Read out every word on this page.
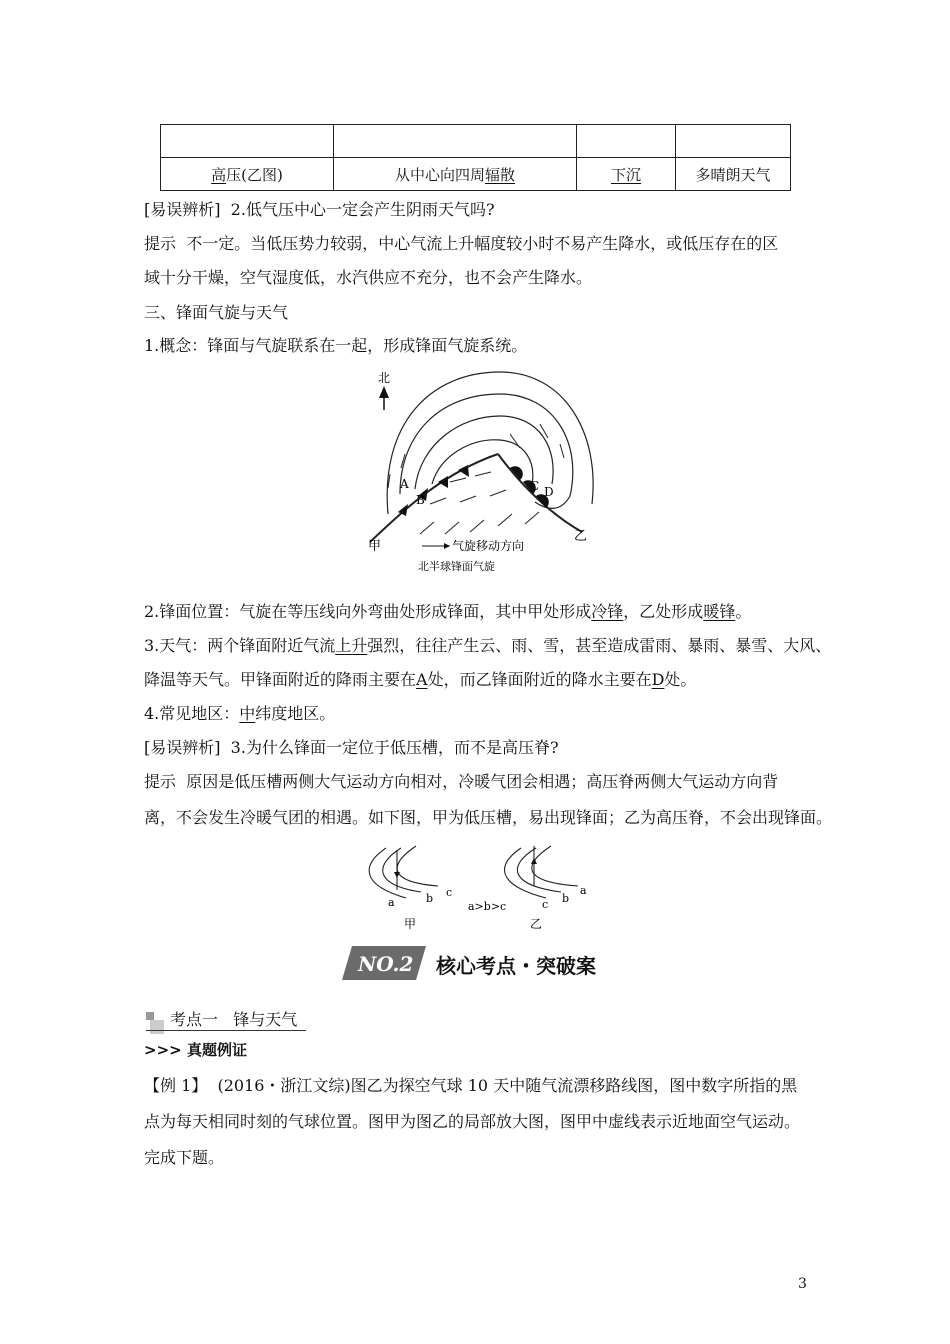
高压(乙图)	从中心向四周辐散	下沉	多晴朗天气
[易误辨析] 2.低气压中心一定会产生阴雨天气吗?
提示 不一定。当低压势力较弱，中心气流上升幅度较小时不易产生降水，或低压存在的区
域十分干燥，空气湿度低，水汽供应不充分，也不会产生降水。
三、锋面气旋与天气
1.概念：锋面与气旋联系在一起，形成锋面气旋系统。
北
A
B
C D
甲
乙
气旋移动方向
北半球锋面气旋
2.锋面位置：气旋在等压线向外弯曲处形成锋面，其中甲处形成冷锋，乙处形成暖锋。
3.天气：两个锋面附近气流上升强烈，往往产生云、雨、雪，甚至造成雷雨、暴雨、暴雪、大风、
降温等天气。甲锋面附近的降雨主要在A处，而乙锋面附近的降水主要在D处。
4.常见地区：中纬度地区。
[易误辨析] 3.为什么锋面一定位于低压槽，而不是高压脊?
提示 原因是低压槽两侧大气运动方向相对，冷暖气团会相遇；高压脊两侧大气运动方向背
离，不会发生冷暖气团的相遇。如下图，甲为低压槽，易出现锋面；乙为高压脊，不会出现锋面。
a	b c
c b
a
a>b>c
甲	乙
NO.2 核心考点・突破案
考点一 锋与天气
>>> 真题例证
【例 1】 (2016・浙江文综)图乙为探空气球 10 天中随气流漂移路线图，图中数字所指的黑
点为每天相同时刻的气球位置。图甲为图乙的局部放大图，图甲中虚线表示近地面空气运动。
完成下题。
3
